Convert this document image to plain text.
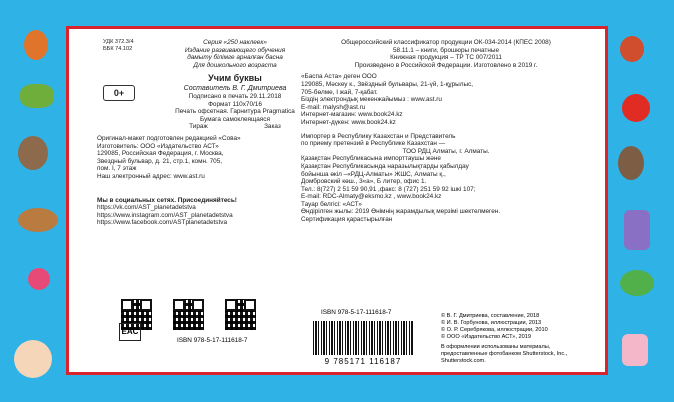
УДК 372.3/4
ББК 74.102
0+
Серия «250 наклеек»
Издание развивающего обучения
дамыту білімге арналған басна
Для дошкольного возраста
Учим буквы
Составитель В. Г. Дмитриева
Подписано в печать 29.11.2018
Формат 110х70/16
Печать офсетная. Гарнитура Pragmatica
Бумага самоклеящаяся
Тираж	Заказ
Оригинал-макет подготовлен редакцией «Сова»
Изготовитель: ООО «Издательство АСТ»
129085, Российская Федерация, г. Москва,
Звездный бульвар, д. 21, стр.1, комн. 705,
пом. I, 7 этаж
Наш электронный адрес: www.ast.ru
Мы в социальных сетях. Присоединяйтесь!
https://vk.com/AST_planetadetstva
https://www.instagram.com/AST_planetadetstva
https://www.facebook.com/ASTplanetadetstva
EAC
ISBN 978-5-17-111618-7
Общероссийский классификатор продукции ОК-034-2014 (КПЕС 2008)
58.11.1 – книги, брошюры печатные
Книжная продукция – ТР ТС 007/2011
Произведено в Российской Федерации. Изготовлено в 2019 г.
«Баспа Аста» деген ООО
129085, Мәскеу к., Звёздный бульвары, 21-үй, 1-құрылыс,
705-бөлме, I жай, 7-қабат.
Біздің электрондық мекенжайымыз : www.ast.ru
E-mail: malysh@ast.ru
Интернет-магазин: www.book24.kz
Интернет-дүкен: www.book24.kz
Импортер в Республику Казахстан и Представитель
по приему претензий в Республике Казахстан —
ТОО РДЦ Алматы, г. Алматы.
Қазақстан Республикасына импорттаушы және
Қазақстан Республикасында наразылықтарды қабылдау
бойынша өкіл –«РДЦ-Алматы» ЖШС, Алматы қ.,
Домбровский көш., 3«а», Б литер, офис 1.
Тел.: 8(727) 2 51 59 90,91 ,факс: 8 (727) 251 59 92 ішкі 107;
E-mail: RDC-Almaty@eksmo.kz , www.book24.kz
Тауар белгісі: «АСТ»
Өндірілген жылы: 2019 Өнімнің жарамдылық мерзімі шектелмеген.
Сертификация қарастырылған
ISBN 978-5-17-111618-7
9 785171 116187
© В. Г. Дмитриева, составление, 2018
© И. В. Горбунова, иллюстрации, 2013
© О. Р. Серебрякова, иллюстрации, 2010
© ООО «Издательство АСТ», 2019
В оформлении использованы материалы,
предоставленные фотобанком Shutterstock, Inc.,
Shutterstock.com.
